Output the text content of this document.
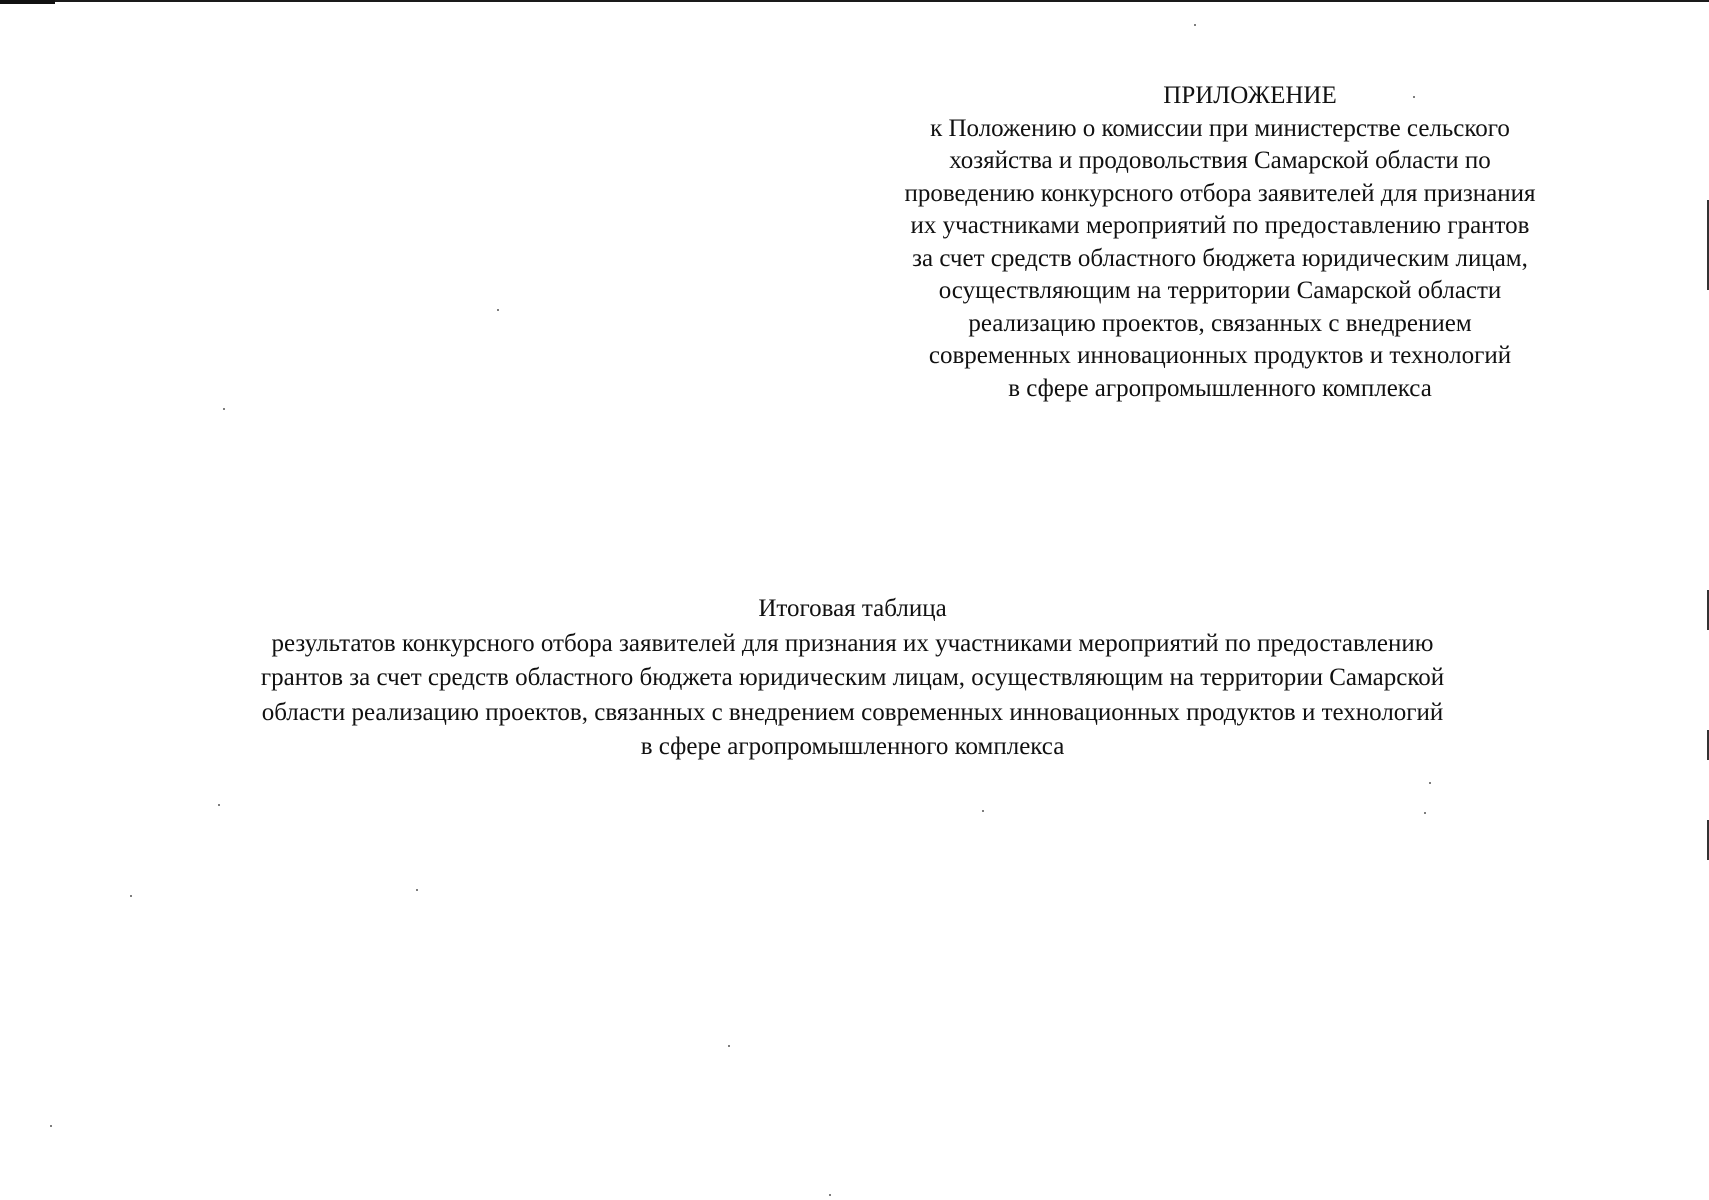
ПРИЛОЖЕНИЕ
к Положению о комиссии при министерстве сельского
хозяйства и продовольствия Самарской области по
проведению конкурсного отбора заявителей для признания
их участниками мероприятий по предоставлению грантов
за счет средств областного бюджета юридическим лицам,
осуществляющим на территории Самарской области
реализацию проектов, связанных с внедрением
современных инновационных продуктов и технологий
в сфере агропромышленного комплекса
Итоговая таблица
результатов конкурсного отбора заявителей для признания их участниками мероприятий по предоставлению
грантов за счет средств областного бюджета юридическим лицам, осуществляющим на территории Самарской
области реализацию проектов, связанных с внедрением современных инновационных продуктов и технологий
в сфере агропромышленного комплекса
